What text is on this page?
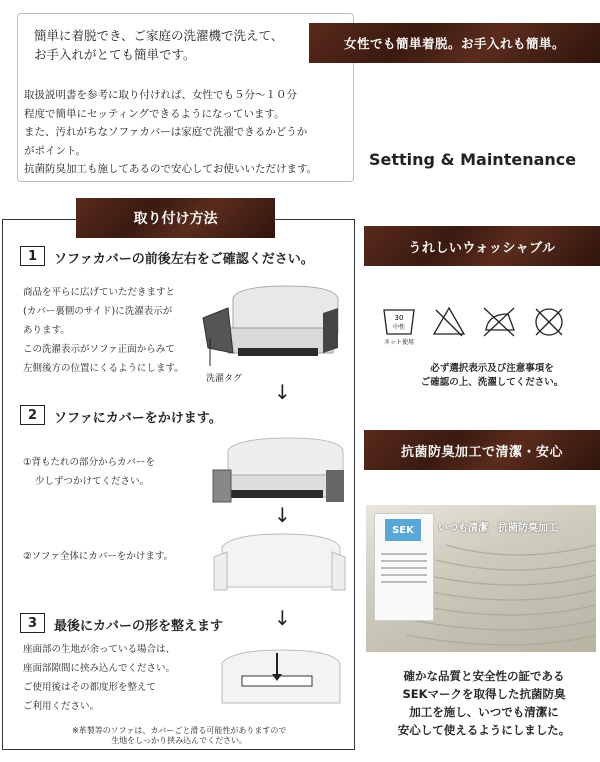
簡単に着脱でき、ご家庭の洗濯機で洗えて、
お手入れがとても簡単です。
取扱説明書を参考に取り付ければ、女性でも５分～１０分
程度で簡単にセッティングできるようになっています。
また、汚れがちなソファカバーは家庭で洗濯できるかどうか
がポイント。
抗菌防臭加工も施してあるので安心してお使いいただけます。
女性でも簡単着脱。お手入れも簡単。
Setting & Maintenance
取り付け方法
1	ソファカバーの前後左右をご確認ください。
商品を平らに広げていただきますと
(カバー裏側のサイド)に洗濯表示が
あります。
この洗濯表示がソファ正面からみて
左側後方の位置にくるようにします。
洗濯タグ
↓
2	ソファにカバーをかけます。
①背もたれの部分からカバーを
少しずつかけてください。
↓
②ソファ全体にカバーをかけます。
↓
3	最後にカバーの形を整えます
座面部の生地が余っている場合は、
座面部隙間に挟み込んでください。
ご使用後はその都度形を整えて
ご利用ください。
※革製等のソファは、カバーごと滑る可能性がありますので
生地をしっかり挟み込んでください。
うれしいウォッシャブル
30
中性
ネット使用
必ず選択表示及び注意事項を
ご確認の上、洗濯してください。
抗菌防臭加工で清潔・安心
SEK	いつも清潔　抗菌防臭加工
確かな品質と安全性の証である
SEKマークを取得した抗菌防臭
加工を施し、いつでも清潔に
安心して使えるようにしました。
